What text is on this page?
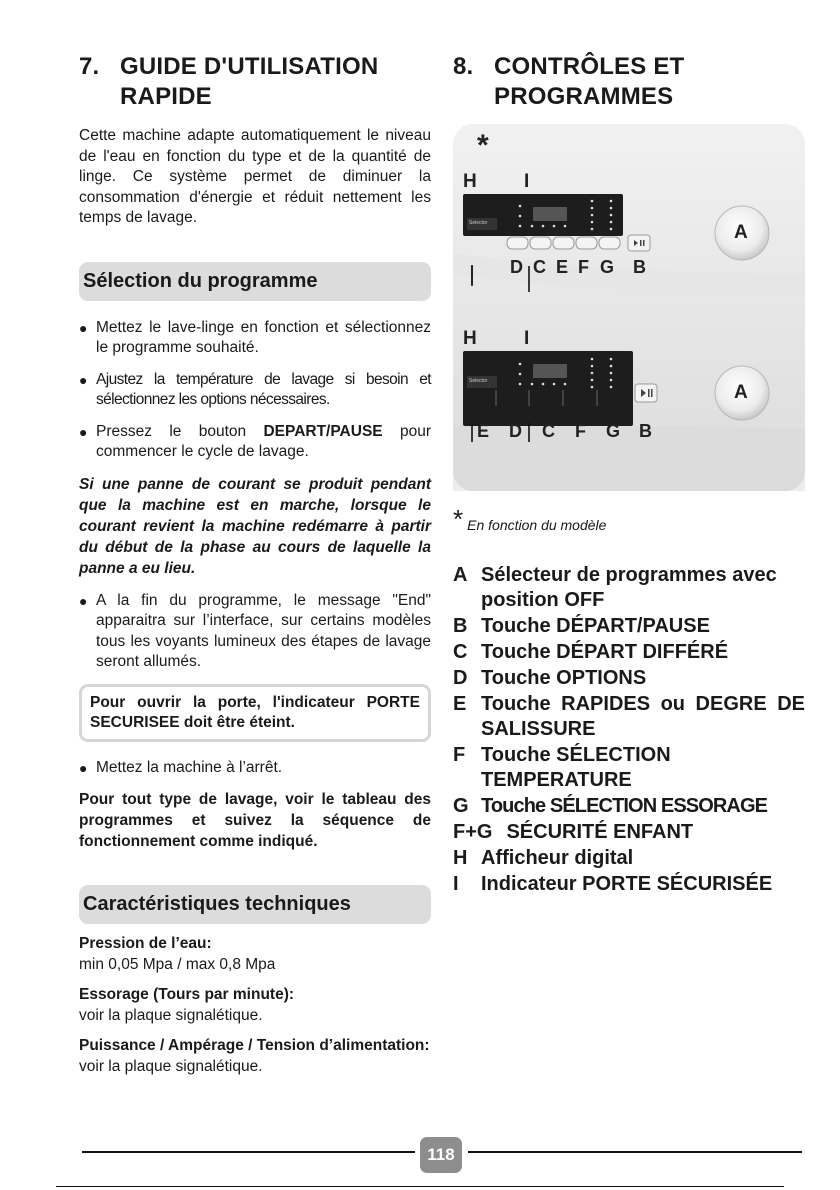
7. GUIDE D'UTILISATION RAPIDE

Cette machine adapte automatiquement le niveau de l'eau en fonction du type et de la quantité de linge. Ce système permet de diminuer la consommation d'énergie et réduit nettement les temps de lavage.

Sélection du programme
● Mettez le lave-linge en fonction et sélectionnez le programme souhaité.
● Ajustez la température de lavage si besoin et sélectionnez les options nécessaires.
● Pressez le bouton DEPART/PAUSE pour commencer le cycle de lavage.

Si une panne de courant se produit pendant que la machine est en marche, lorsque le courant revient la machine redémarre à partir du début de la phase au cours de laquelle la panne a eu lieu.

● A la fin du programme, le message "End" apparaitra sur l’interface, sur certains modèles tous les voyants lumineux des étapes de lavage seront allumés.
Pour ouvrir la porte, l'indicateur PORTE SECURISEE doit être éteint.
● Mettez la machine à l’arrêt.

Pour tout type de lavage, voir le tableau des programmes et suivez la séquence de fonctionnement comme indiqué.

Caractéristiques techniques
Pression de l’eau:
min 0,05 Mpa / max 0,8 Mpa
Essorage (Tours par minute):
voir la plaque signalétique.
Puissance / Ampérage / Tension d’alimentation:
voir la plaque signalétique.
8. CONTRÔLES ET PROGRAMMES
*
H I
A
D C E F G B
H I
A
E D C F G B
Selector
Selector
* En fonction du modèle
A Sélecteur de programmes avec position OFF
B Touche DÉPART/PAUSE
C Touche DÉPART DIFFÉRÉ
D Touche OPTIONS
E Touche RAPIDES ou DEGRE DE SALISSURE
F Touche SÉLECTION TEMPERATURE
G Touche SÉLECTION ESSORAGE
F+G SÉCURITÉ ENFANT
H Afficheur digital
I	Indicateur PORTE SÉCURISÉE
118
